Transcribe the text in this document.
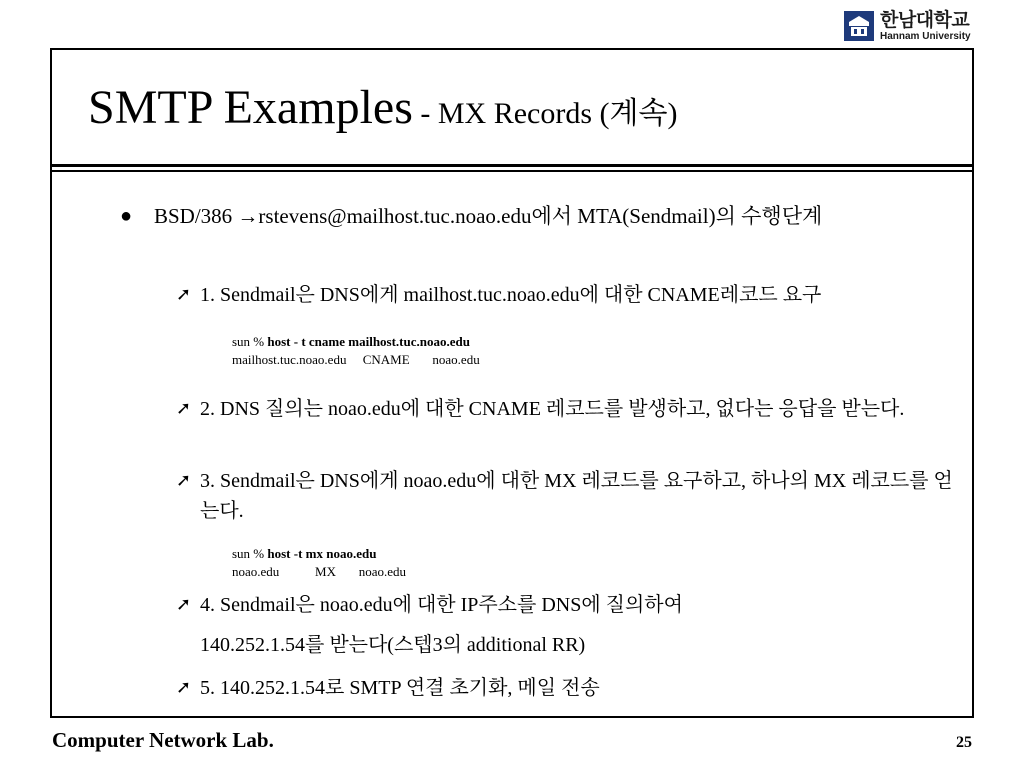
한남대학교
Hannam University
SMTP Examples - MX Records (계속)
●	BSD/386 →rstevens@mailhost.tuc.noao.edu에서 MTA(Sendmail)의 수행단계
➚ 1. Sendmail은 DNS에게 mailhost.tuc.noao.edu에 대한 CNAME레코드 요구
sun % host - t cname mailhost.tuc.noao.edu
mailhost.tuc.noao.edu CNAME noao.edu
➚ 2. DNS 질의는 noao.edu에 대한 CNAME 레코드를 발생하고, 없다는 응답을 받는다.
➚ 3. Sendmail은 DNS에게 noao.edu에 대한 MX 레코드를 요구하고, 하나의 MX 레코드를 얻는다.
sun % host -t mx noao.edu
noao.edu	MX noao.edu
➚ 4. Sendmail은 noao.edu에 대한 IP주소를 DNS에 질의하여
140.252.1.54를 받는다(스텝3의 additional RR)
➚ 5. 140.252.1.54로 SMTP 연결 초기화, 메일 전송
Computer Network Lab.	25
